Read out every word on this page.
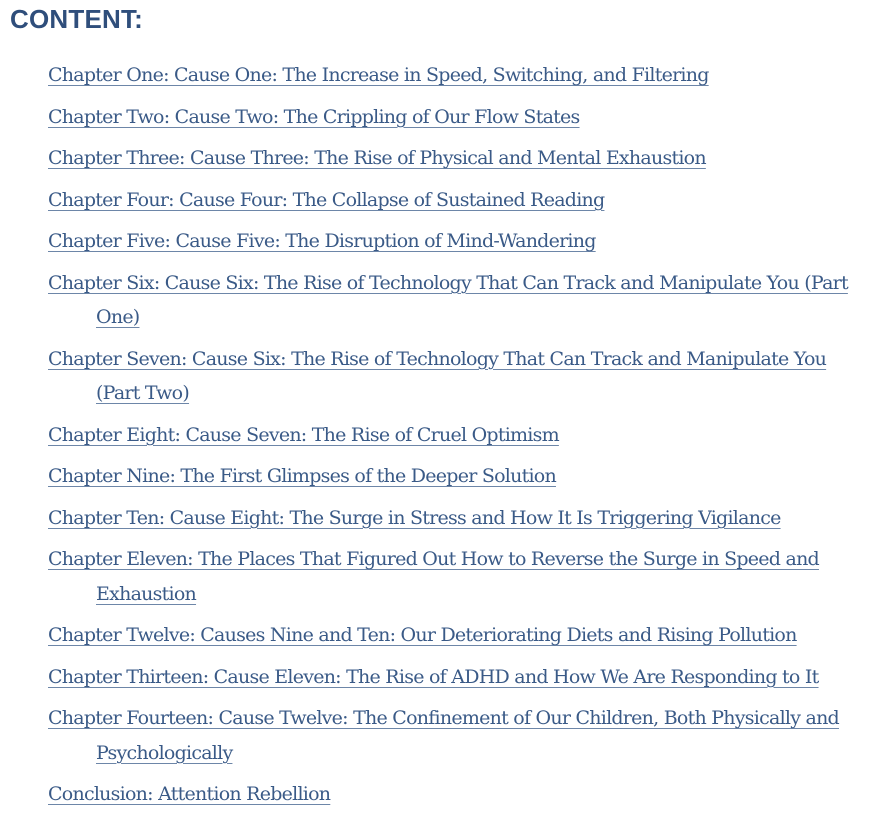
CONTENT:
Chapter One: Cause One: The Increase in Speed, Switching, and Filtering
Chapter Two: Cause Two: The Crippling of Our Flow States
Chapter Three: Cause Three: The Rise of Physical and Mental Exhaustion
Chapter Four: Cause Four: The Collapse of Sustained Reading
Chapter Five: Cause Five: The Disruption of Mind-Wandering
Chapter Six: Cause Six: The Rise of Technology That Can Track and Manipulate You (Part One)
Chapter Seven: Cause Six: The Rise of Technology That Can Track and Manipulate You (Part Two)
Chapter Eight: Cause Seven: The Rise of Cruel Optimism
Chapter Nine: The First Glimpses of the Deeper Solution
Chapter Ten: Cause Eight: The Surge in Stress and How It Is Triggering Vigilance
Chapter Eleven: The Places That Figured Out How to Reverse the Surge in Speed and Exhaustion
Chapter Twelve: Causes Nine and Ten: Our Deteriorating Diets and Rising Pollution
Chapter Thirteen: Cause Eleven: The Rise of ADHD and How We Are Responding to It
Chapter Fourteen: Cause Twelve: The Confinement of Our Children, Both Physically and Psychologically
Conclusion: Attention Rebellion
